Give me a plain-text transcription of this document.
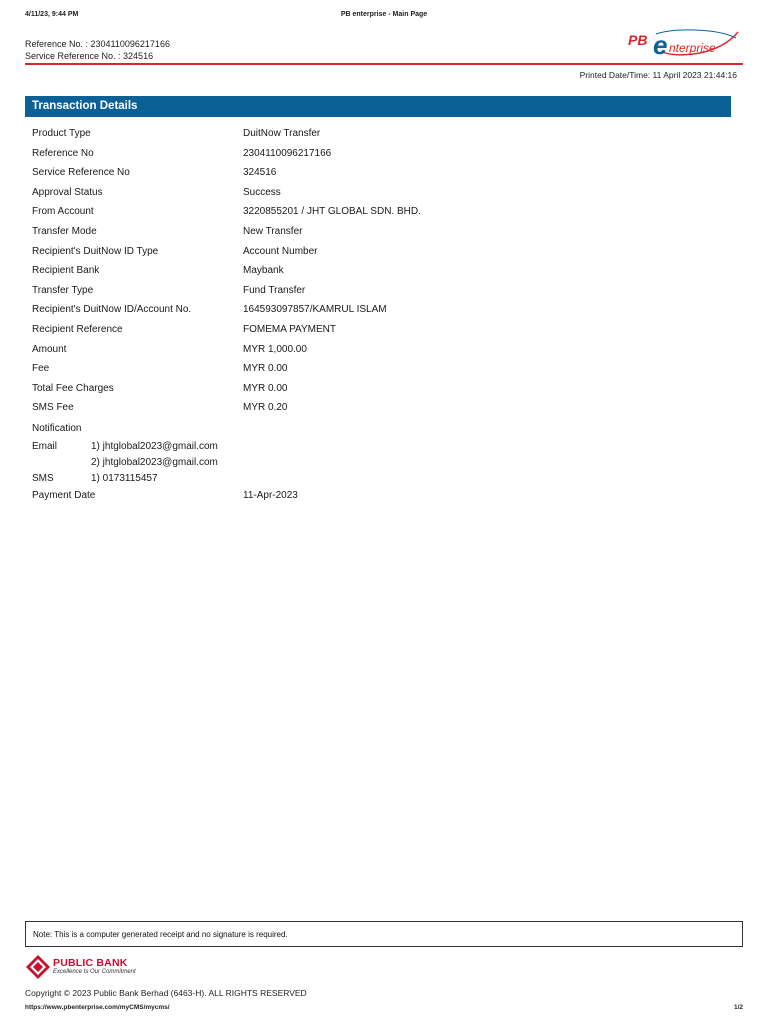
4/11/23, 9:44 PM	PB enterprise - Main Page
Reference No. : 2304110096217166
Service Reference No. : 324516
PB e nterprise
Printed Date/Time: 11 April 2023 21:44:16
Transaction Details
Product Type	DuitNow Transfer
Reference No	2304110096217166
Service Reference No	324516
Approval Status	Success
From Account	3220855201 / JHT GLOBAL SDN. BHD.
Transfer Mode	New Transfer
Recipient's DuitNow ID Type	Account Number
Recipient Bank	Maybank
Transfer Type	Fund Transfer
Recipient's DuitNow ID/Account No.	164593097857/KAMRUL ISLAM
Recipient Reference	FOMEMA PAYMENT
Amount	MYR 1,000.00
Fee	MYR 0.00
Total Fee Charges	MYR 0.00
SMS Fee	MYR 0.20
Notification
Email	1) jhtglobal2023@gmail.com
2) jhtglobal2023@gmail.com
SMS	1) 0173115457
Payment Date	11-Apr-2023
Note: This is a computer generated receipt and no signature is required.
PUBLIC BANK
Excellence Is Our Commitment
Copyright © 2023 Public Bank Berhad (6463-H). ALL RIGHTS RESERVED
https://www.pbenterprise.com/myCMS/mycms/	1/2
